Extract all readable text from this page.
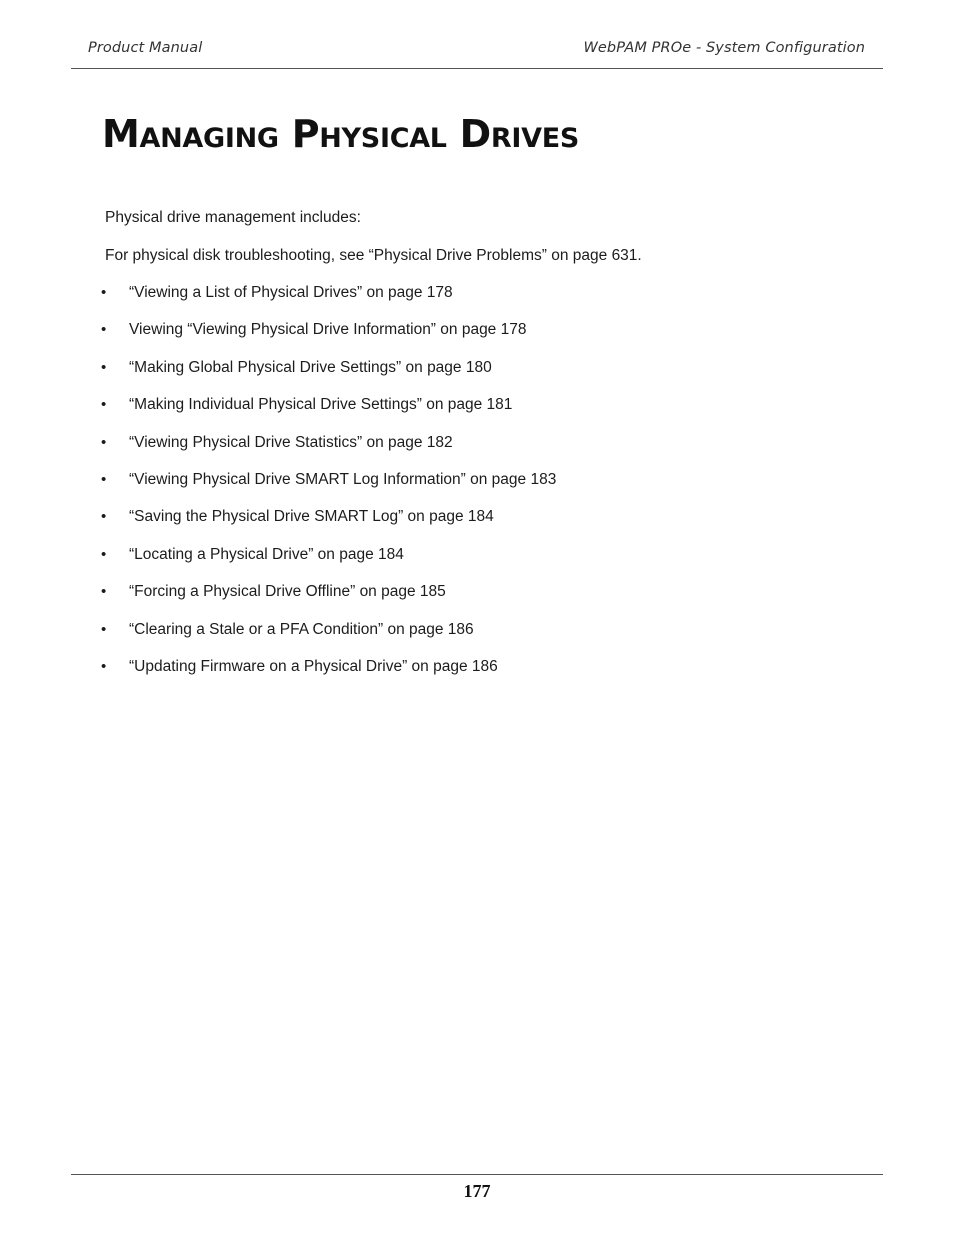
Product Manual	WebPAM PROe - System Configuration
Managing Physical Drives

Physical drive management includes:

For physical disk troubleshooting, see “Physical Drive Problems” on page 631.

•	“Viewing a List of Physical Drives” on page 178
•	Viewing “Viewing Physical Drive Information” on page 178
•	“Making Global Physical Drive Settings” on page 180
•	“Making Individual Physical Drive Settings” on page 181
•	“Viewing Physical Drive Statistics” on page 182
•	“Viewing Physical Drive SMART Log Information” on page 183
•	“Saving the Physical Drive SMART Log” on page 184
•	“Locating a Physical Drive” on page 184
•	“Forcing a Physical Drive Offline” on page 185
•	“Clearing a Stale or a PFA Condition” on page 186
•	“Updating Firmware on a Physical Drive” on page 186
177
